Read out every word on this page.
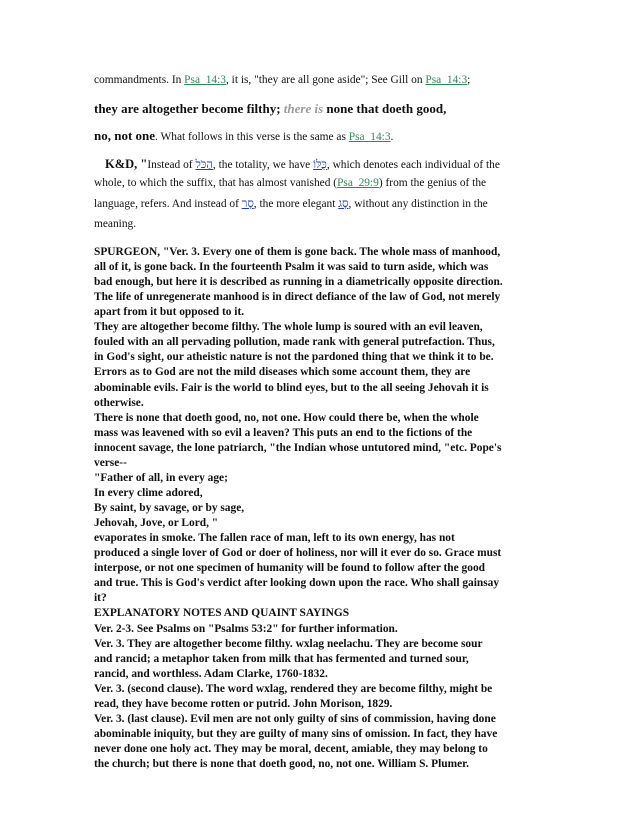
commandments. In Psa_14:3, it is, "they are all gone aside"; See Gill on Psa_14:3;
they are altogether become filthy; there is none that doeth good,
no, not one. What follows in this verse is the same as Psa_14:3.
K&D, "Instead of הַכֹּל, the totality, we have כֻּלּוֹ, which denotes each individual of the
whole, to which the suffix, that has almost vanished (Psa_29:9) from the genius of the
language, refers. And instead of סָר, the more elegant סָג, without any distinction in the
meaning.
SPURGEON, "Ver. 3. Every one of them is gone back. The whole mass of manhood,
all of it, is gone back. In the fourteenth Psalm it was said to turn aside, which was
bad enough, but here it is described as running in a diametrically opposite direction.
The life of unregenerate manhood is in direct defiance of the law of God, not merely
apart from it but opposed to it.
They are altogether become filthy. The whole lump is soured with an evil leaven,
fouled with an all pervading pollution, made rank with general putrefaction. Thus,
in God's sight, our atheistic nature is not the pardoned thing that we think it to be.
Errors as to God are not the mild diseases which some account them, they are
abominable evils. Fair is the world to blind eyes, but to the all seeing Jehovah it is
otherwise.
There is none that doeth good, no, not one. How could there be, when the whole
mass was leavened with so evil a leaven? This puts an end to the fictions of the
innocent savage, the lone patriarch, "the Indian whose untutored mind, "etc. Pope's
verse--
"Father of all, in every age;
In every clime adored,
By saint, by savage, or by sage,
Jehovah, Jove, or Lord, "
evaporates in smoke. The fallen race of man, left to its own energy, has not
produced a single lover of God or doer of holiness, nor will it ever do so. Grace must
interpose, or not one specimen of humanity will be found to follow after the good
and true. This is God's verdict after looking down upon the race. Who shall gainsay
it?
EXPLANATORY NOTES AND QUAINT SAYINGS
Ver. 2-3. See Psalms on "Psalms 53:2" for further information.
Ver. 3. They are altogether become filthy. wxlag neelachu. They are become sour
and rancid; a metaphor taken from milk that has fermented and turned sour,
rancid, and worthless. Adam Clarke, 1760-1832.
Ver. 3. (second clause). The word wxlag, rendered they are become filthy, might be
read, they have become rotten or putrid. John Morison, 1829.
Ver. 3. (last clause). Evil men are not only guilty of sins of commission, having done
abominable iniquity, but they are guilty of many sins of omission. In fact, they have
never done one holy act. They may be moral, decent, amiable, they may belong to
the church; but there is none that doeth good, no, not one. William S. Plumer.
